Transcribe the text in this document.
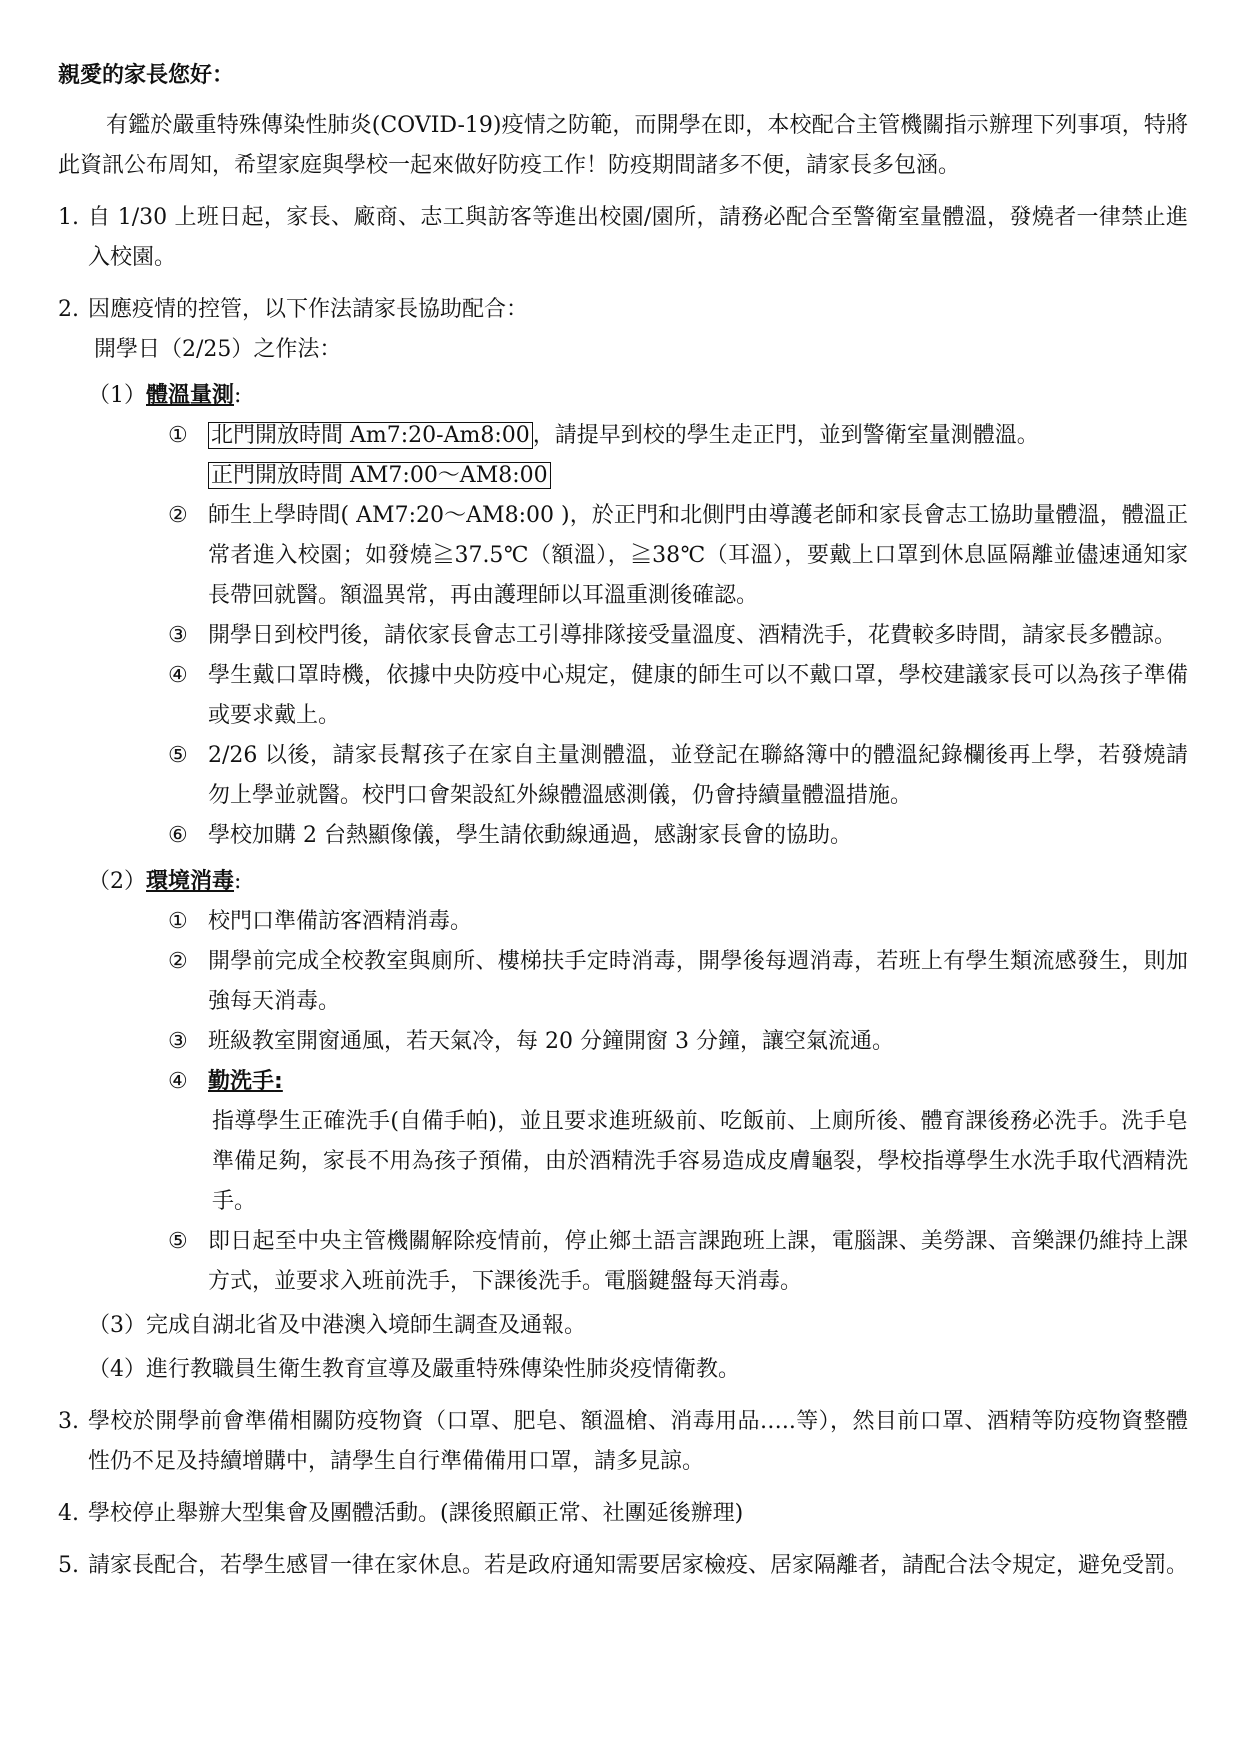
親愛的家長您好：
有鑑於嚴重特殊傳染性肺炎(COVID-19)疫情之防範，而開學在即，本校配合主管機關指示辦理下列事項，特將此資訊公布周知，希望家庭與學校一起來做好防疫工作！防疫期間諸多不便，請家長多包涵。
1. 自 1/30 上班日起，家長、廠商、志工與訪客等進出校園/園所，請務必配合至警衛室量體溫，發燒者一律禁止進入校園。
2. 因應疫情的控管，以下作法請家長協助配合：
開學日（2/25）之作法：
（1）體溫量測:
① 北門開放時間 Am7:20-Am8:00 ，請提早到校的學生走正門，並到警衛室量測體溫。
正門開放時間 AM7:00～AM8:00
② 師生上學時間( AM7:20～AM8:00 )，於正門和北側門由導護老師和家長會志工協助量體溫，體溫正常者進入校園；如發燒≧37.5℃（額溫），≧38℃（耳溫），要戴上口罩到休息區隔離並儘速通知家長帶回就醫。額溫異常，再由護理師以耳溫重測後確認。
③ 開學日到校門後，請依家長會志工引導排隊接受量溫度、酒精洗手，花費較多時間，請家長多體諒。
④ 學生戴口罩時機，依據中央防疫中心規定，健康的師生可以不戴口罩，學校建議家長可以為孩子準備或要求戴上。
⑤ 2/26 以後，請家長幫孩子在家自主量測體溫，並登記在聯絡簿中的體溫紀錄欄後再上學，若發燒請勿上學並就醫。校門口會架設紅外線體溫感測儀，仍會持續量體溫措施。
⑥ 學校加購 2 台熱顯像儀，學生請依動線通過，感謝家長會的協助。
（2）環境消毒:
① 校門口準備訪客酒精消毒。
② 開學前完成全校教室與廁所、樓梯扶手定時消毒，開學後每週消毒，若班上有學生類流感發生，則加強每天消毒。
③ 班級教室開窗通風，若天氣冷，每 20 分鐘開窗 3 分鐘，讓空氣流通。
④ 勤洗手:
指導學生正確洗手(自備手帕)，並且要求進班級前、吃飯前、上廁所後、體育課後務必洗手。洗手皂準備足夠，家長不用為孩子預備，由於酒精洗手容易造成皮膚龜裂，學校指導學生水洗手取代酒精洗手。
⑤ 即日起至中央主管機關解除疫情前，停止鄉土語言課跑班上課，電腦課、美勞課、音樂課仍維持上課方式，並要求入班前洗手，下課後洗手。電腦鍵盤每天消毒。
（3）完成自湖北省及中港澳入境師生調查及通報。
（4）進行教職員生衛生教育宣導及嚴重特殊傳染性肺炎疫情衛教。
3. 學校於開學前會準備相關防疫物資（口罩、肥皂、額溫槍、消毒用品…..等），然目前口罩、酒精等防疫物資整體性仍不足及持續增購中，請學生自行準備備用口罩，請多見諒。
4. 學校停止舉辦大型集會及團體活動。(課後照顧正常、社團延後辦理)
5. 請家長配合，若學生感冒一律在家休息。若是政府通知需要居家檢疫、居家隔離者，請配合法令規定，避免受罰。
